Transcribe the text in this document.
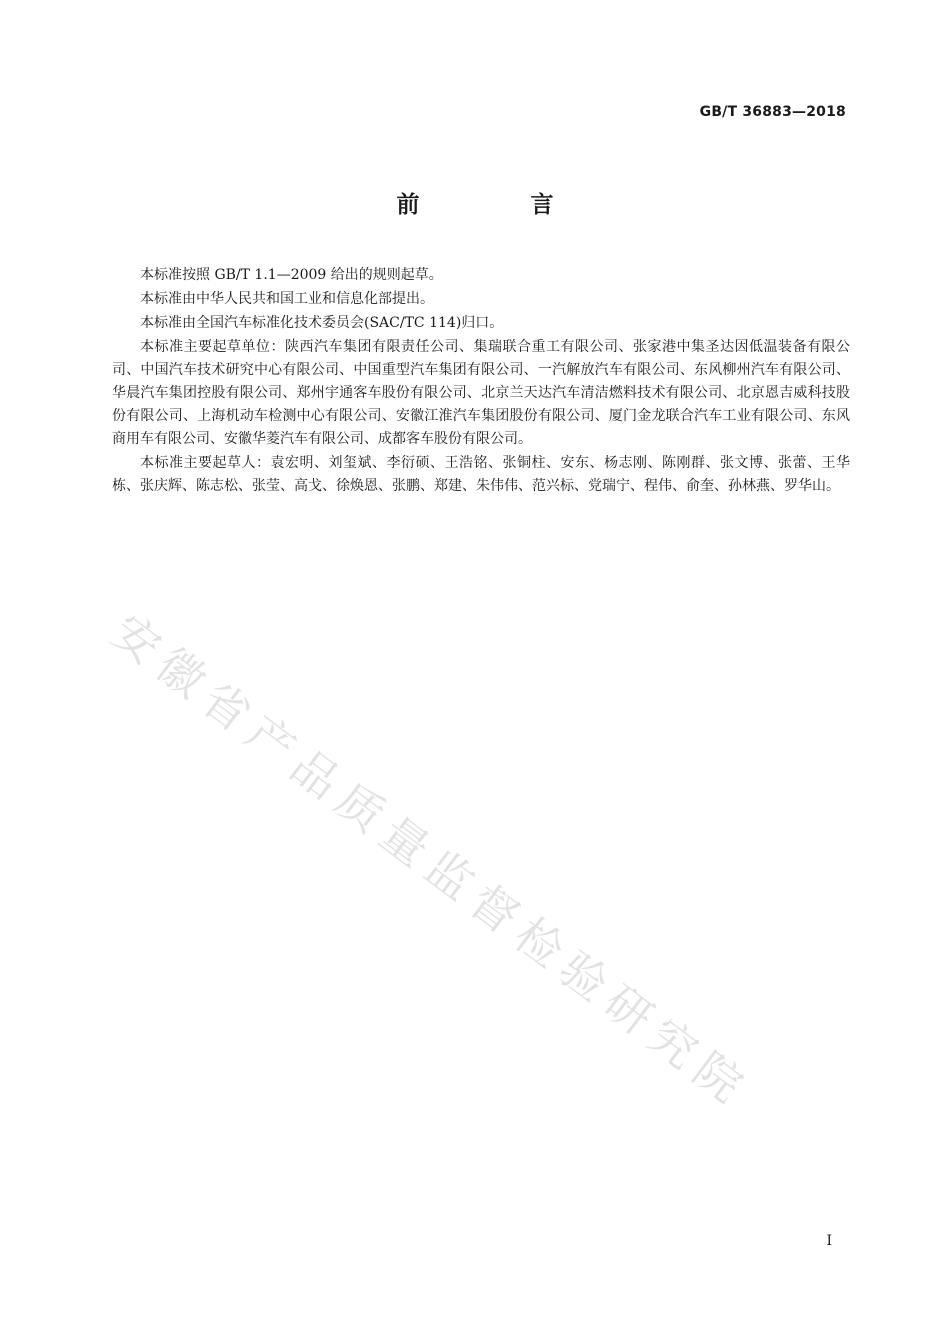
GB/T 36883—2018
前　言

本标准按照 GB/T 1.1—2009 给出的规则起草。

本标准由中华人民共和国工业和信息化部提出。

本标准由全国汽车标准化技术委员会(SAC/TC 114)归口。

本标准主要起草单位：陕西汽车集团有限责任公司、集瑞联合重工有限公司、张家港中集圣达因低温装备有限公司、中国汽车技术研究中心有限公司、中国重型汽车集团有限公司、一汽解放汽车有限公司、东风柳州汽车有限公司、华晨汽车集团控股有限公司、郑州宇通客车股份有限公司、北京兰天达汽车清洁燃料技术有限公司、北京恩吉威科技股份有限公司、上海机动车检测中心有限公司、安徽江淮汽车集团股份有限公司、厦门金龙联合汽车工业有限公司、东风商用车有限公司、安徽华菱汽车有限公司、成都客车股份有限公司。

本标准主要起草人：袁宏明、刘玺斌、李衍硕、王浩铭、张铜柱、安东、杨志刚、陈刚群、张文博、张蕾、王华栋、张庆辉、陈志松、张莹、高戈、徐焕恩、张鹏、郑建、朱伟伟、范兴标、党瑞宁、程伟、俞奎、孙林燕、罗华山。

安徽省产品质量监督检验研究院
I
